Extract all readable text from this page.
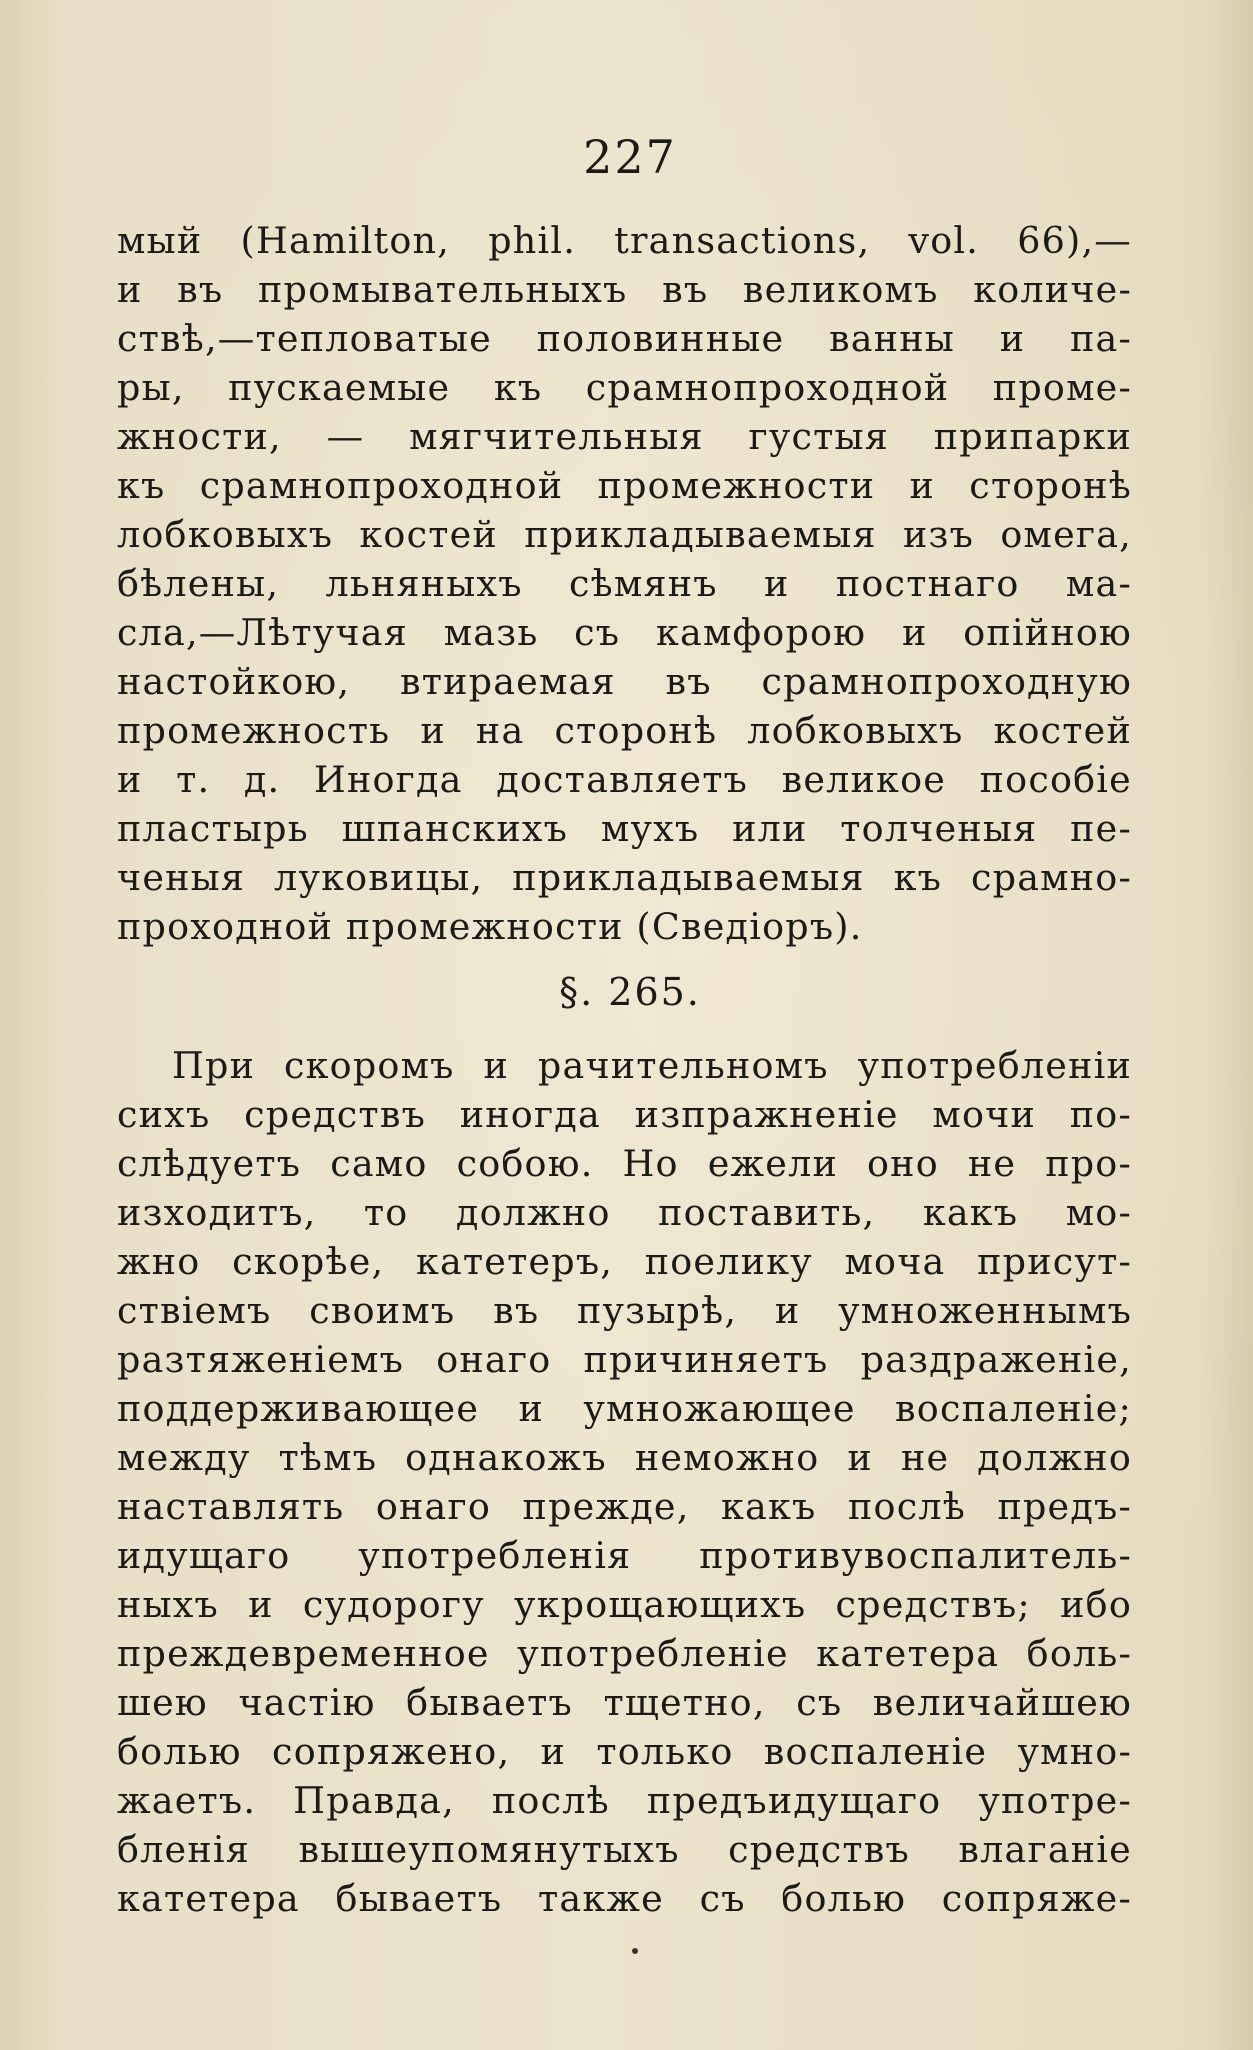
227
мый (Hamilton, phil. transactions, vol. 66),—
и въ промывательныхъ въ великомъ количе-
ствѣ,—тепловатые половинные ванны и па-
ры, пускаемые къ срамнопроходной проме-
жности, — мягчительныя густыя припарки
къ срамнопроходной промежности и сторонѣ
лобковыхъ костей прикладываемыя изъ омега,
бѣлены, льняныхъ сѣмянъ и постнаго ма-
сла,—Лѣтучая мазь съ камфорою и опійною
настойкою, втираемая въ срамнопроходную
промежность и на сторонѣ лобковыхъ костей
и т. д. Иногда доставляетъ великое пособіе
пластырь шпанскихъ мухъ или толченыя пе-
ченыя луковицы, прикладываемыя къ срамно-
проходной промежности (Сведіоръ).
§. 265.
При скоромъ и рачительномъ употребленіи
сихъ средствъ иногда изпражненіе мочи по-
слѣдуетъ само собою. Но ежели оно не про-
изходитъ, то должно поставить, какъ мо-
жно скорѣе, катетеръ, поелику моча присут-
ствіемъ своимъ въ пузырѣ, и умноженнымъ
разтяженіемъ онаго причиняетъ раздраженіе,
поддерживающее и умножающее воспаленіе;
между тѣмъ однакожъ неможно и не должно
наставлять онаго прежде, какъ послѣ предъ-
идущаго употребленія противувоспалитель-
ныхъ и судорогу укрощающихъ средствъ; ибо
преждевременное употребленіе катетера боль-
шею частію бываетъ тщетно, съ величайшею
болью сопряжено, и только воспаленіе умно-
жаетъ. Правда, послѣ предъидущаго употре-
бленія вышеупомянутыхъ средствъ влаганіе
катетера бываетъ также съ болью сопряже-
